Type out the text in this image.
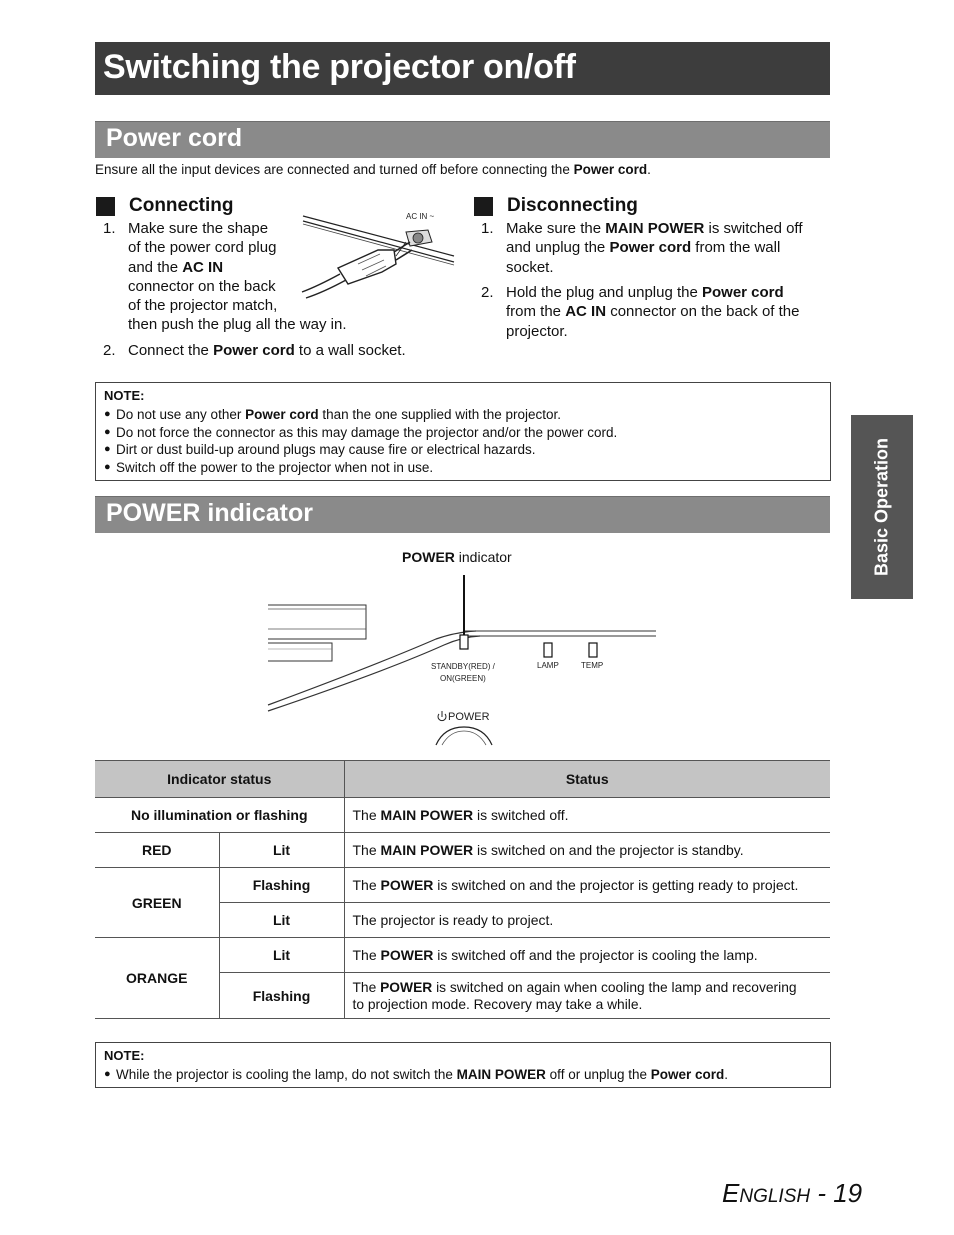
Switching the projector on/off
Power cord
Ensure all the input devices are connected and turned off before connecting the Power cord.
Connecting
1. Make sure the shape
of the power cord plug
and the AC IN
connector on the back
of the projector match,
then push the plug all the way in.
2. Connect the Power cord to a wall socket.
AC IN ~
Disconnecting
1. Make sure the MAIN POWER is switched off
and unplug the Power cord from the wall
socket.
2. Hold the plug and unplug the Power cord
from the AC IN connector on the back of the
projector.
NOTE:
● Do not use any other Power cord than the one supplied with the projector.
● Do not force the connector as this may damage the projector and/or the power cord.
● Dirt or dust build-up around plugs may cause fire or electrical hazards.
● Switch off the power to the projector when not in use.
POWER indicator
POWER indicator
STANDBY(RED) /
ON(GREEN)
LAMP	TEMP
POWER
Indicator status		Status
No illumination or flashing		The MAIN POWER is switched off.
RED	Lit	The MAIN POWER is switched on and the projector is standby.
GREEN	Flashing	The POWER is switched on and the projector is getting ready to project.
	Lit	The projector is ready to project.
ORANGE	Lit	The POWER is switched off and the projector is cooling the lamp.
	Flashing	The POWER is switched on again when cooling the lamp and recovering
to projection mode. Recovery may take a while.
NOTE:
● While the projector is cooling the lamp, do not switch the MAIN POWER off or unplug the Power cord.
Basic Operation
ENGLISH - 19
